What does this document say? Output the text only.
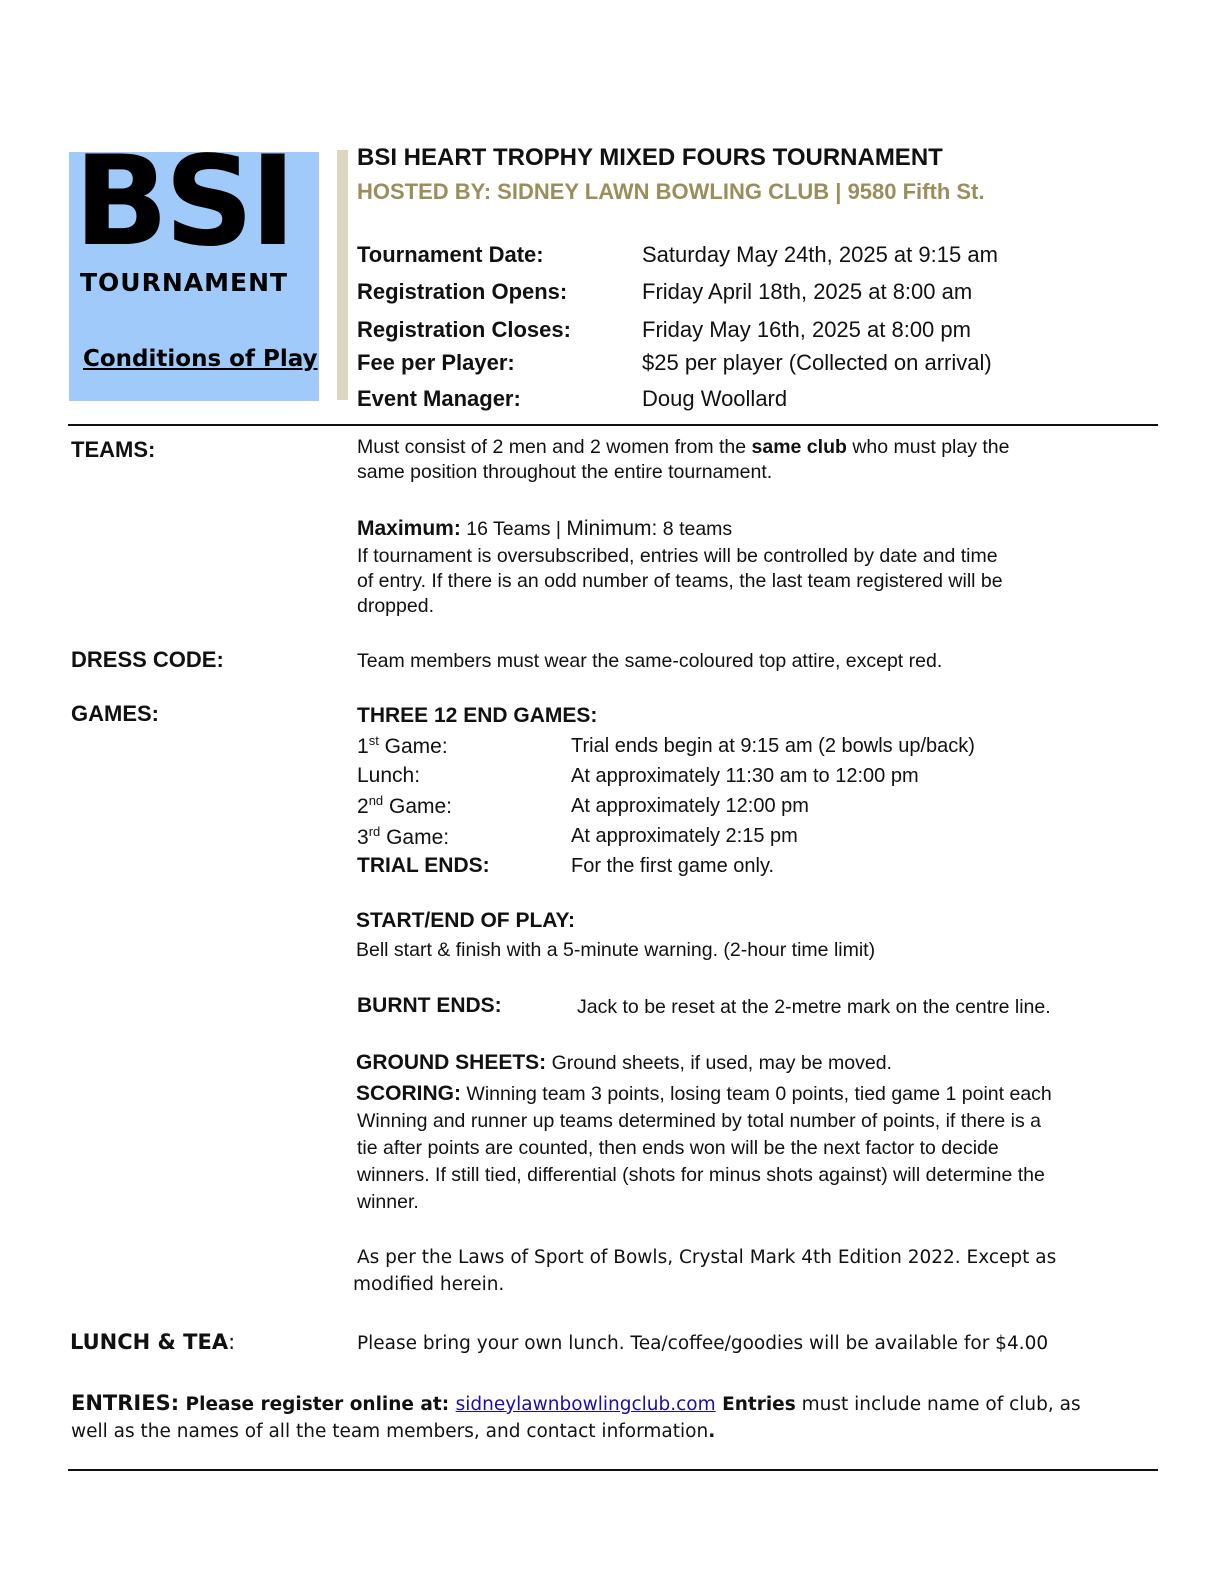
BSI
TOURNAMENT
Conditions of Play
BSI HEART TROPHY MIXED FOURS TOURNAMENT
HOSTED BY: SIDNEY LAWN BOWLING CLUB | 9580 Fifth St.
Tournament Date:	Saturday May 24th, 2025 at 9:15 am
Registration Opens:	Friday April 18th, 2025 at 8:00 am
Registration Closes:	Friday May 16th, 2025 at 8:00 pm
Fee per Player:	$25 per player (Collected on arrival)
Event Manager:	Doug Woollard
TEAMS:	Must consist of 2 men and 2 women from the same club who must play the
same position throughout the entire tournament.
Maximum: 16 Teams | Minimum: 8 teams
If tournament is oversubscribed, entries will be controlled by date and time
of entry. If there is an odd number of teams, the last team registered will be
dropped.
DRESS CODE:	Team members must wear the same-coloured top attire, except red.
GAMES:	THREE 12 END GAMES:
1st Game:	Trial ends begin at 9:15 am (2 bowls up/back)
Lunch:	At approximately 11:30 am to 12:00 pm
2nd Game:	At approximately 12:00 pm
3rd Game:	At approximately 2:15 pm
TRIAL ENDS:	For the first game only.
START/END OF PLAY:
Bell start & finish with a 5-minute warning. (2-hour time limit)
BURNT ENDS:	Jack to be reset at the 2-metre mark on the centre line.
GROUND SHEETS: Ground sheets, if used, may be moved.
SCORING: Winning team 3 points, losing team 0 points, tied game 1 point each
Winning and runner up teams determined by total number of points, if there is a
tie after points are counted, then ends won will be the next factor to decide
winners. If still tied, differential (shots for minus shots against) will determine the
winner.
As per the Laws of Sport of Bowls, Crystal Mark 4th Edition 2022. Except as
modified herein.
LUNCH & TEA:	Please bring your own lunch. Tea/coffee/goodies will be available for $4.00
ENTRIES: Please register online at: sidneylawnbowlingclub.com Entries must include name of club, as
well as the names of all the team members, and contact information.
